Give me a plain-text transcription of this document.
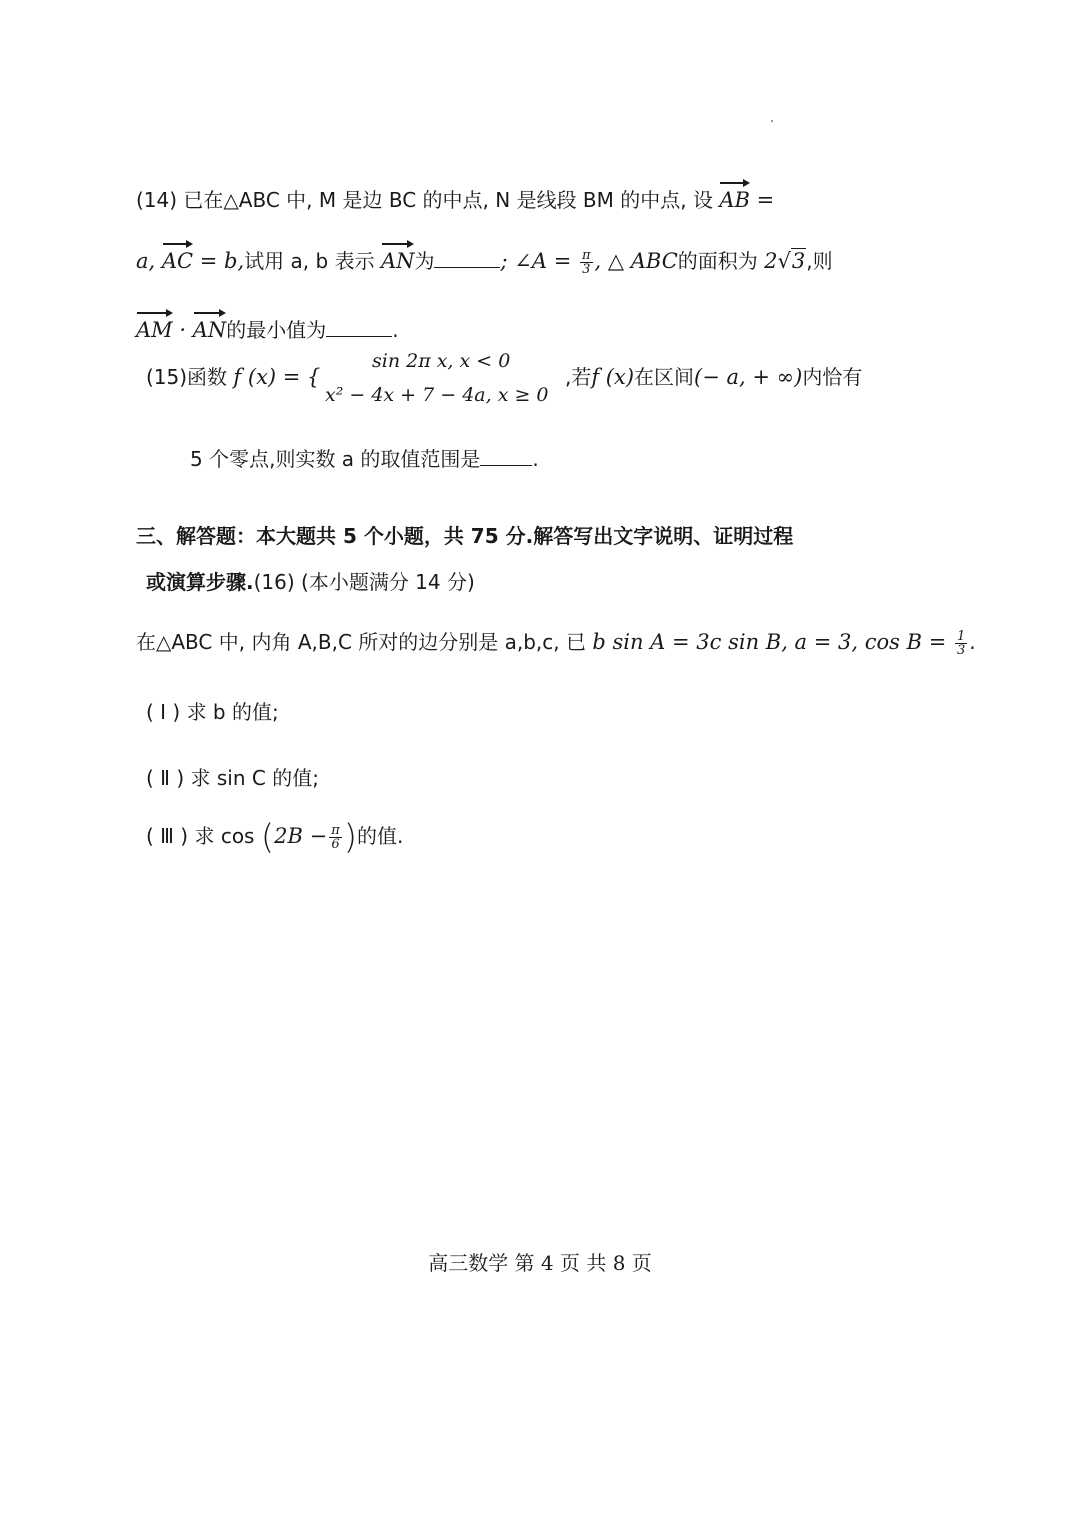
(14) 已在△ABC 中, M 是边 BC 的中点, N 是线段 BM 的中点, 设 AB =
a, AC = b,试用 a, b 表示 AN为	; ∠A = $\frac{\pi}{3}$ , △ ABC的面积为 2√3,则
AM · AN的最小值为	.
sin 2π x, x < 0
x² − 4x + 7 − 4a, x ≥ 0
(15)函数 f (x) = {	,若f (x)在区间(− a, + ∞)内恰有
5 个零点,则实数 a 的取值范围是	.
三、解答题：本大题共 5 个小题，共 75 分.解答写出文字说明、证明过程
或演算步骤.(16) (本小题满分 14 分)
在△ABC 中, 内角 A,B,C 所对的边分别是 a,b,c, 已 b sin A = 3c sin B, a = 3, $\cos B = \frac{1}{3}$ .
( Ⅰ ) 求 b 的值;
( Ⅱ ) 求 sin C 的值;
( Ⅲ ) 求 $\cos (2B - \frac{\pi}{6}$ )的值.
高三数学 第 4 页 共 8 页
